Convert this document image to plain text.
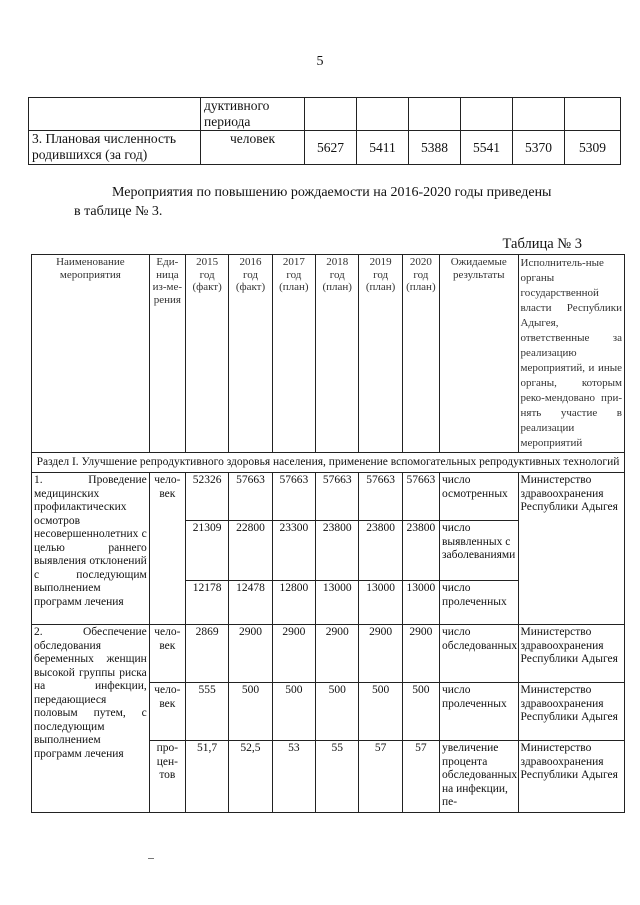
5
	дуктивного периода						
3. Плановая численность родившихся (за год)	человек	5627	5411	5388	5541	5370	5309
Мероприятия по повышению рождаемости на 2016-2020 годы приведены
в таблице № 3.
Таблица № 3
Наименование мероприятия	Еди-ница из-ме-рения	2015 год (факт)	2016 год (факт)	2017 год (план)	2018 год (план)	2019 год (план)	2020 год (план)	Ожидаемые результаты	Исполнитель-ные органы государственной власти Республики Адыгея, ответственные за реализацию мероприятий, и иные органы, которым реко-мендовано при-нять участие в реализации мероприятий
Раздел I. Улучшение репродуктивного здоровья населения, применение вспомогательных репродуктивных технологий									
1. Проведение медицинских профилактических осмотров несовершеннолетних с целью раннего выявления отклонений с последующим выполнением программ лечения	чело-век	52326	57663	57663	57663	57663	57663	число осмотренных	Министерство здравоохранения Республики Адыгея
		21309	22800	23300	23800	23800	23800	число выявленных с заболеваниями	
		12178	12478	12800	13000	13000	13000	число пролеченных	
2. Обеспечение обследования беременных женщин высокой группы риска на инфекции, передающиеся половым путем, с последующим выполнением программ лечения	чело-век	2869	2900	2900	2900	2900	2900	число обследованных	Министерство здравоохранения Республики Адыгея
	чело-век	555	500	500	500	500	500	число пролеченных	Министерство здравоохранения Республики Адыгея
	про-цен-тов	51,7	52,5	53	55	57	57	увеличение процента обследованных на инфекции, пе-	Министерство здравоохранения Республики Адыгея
